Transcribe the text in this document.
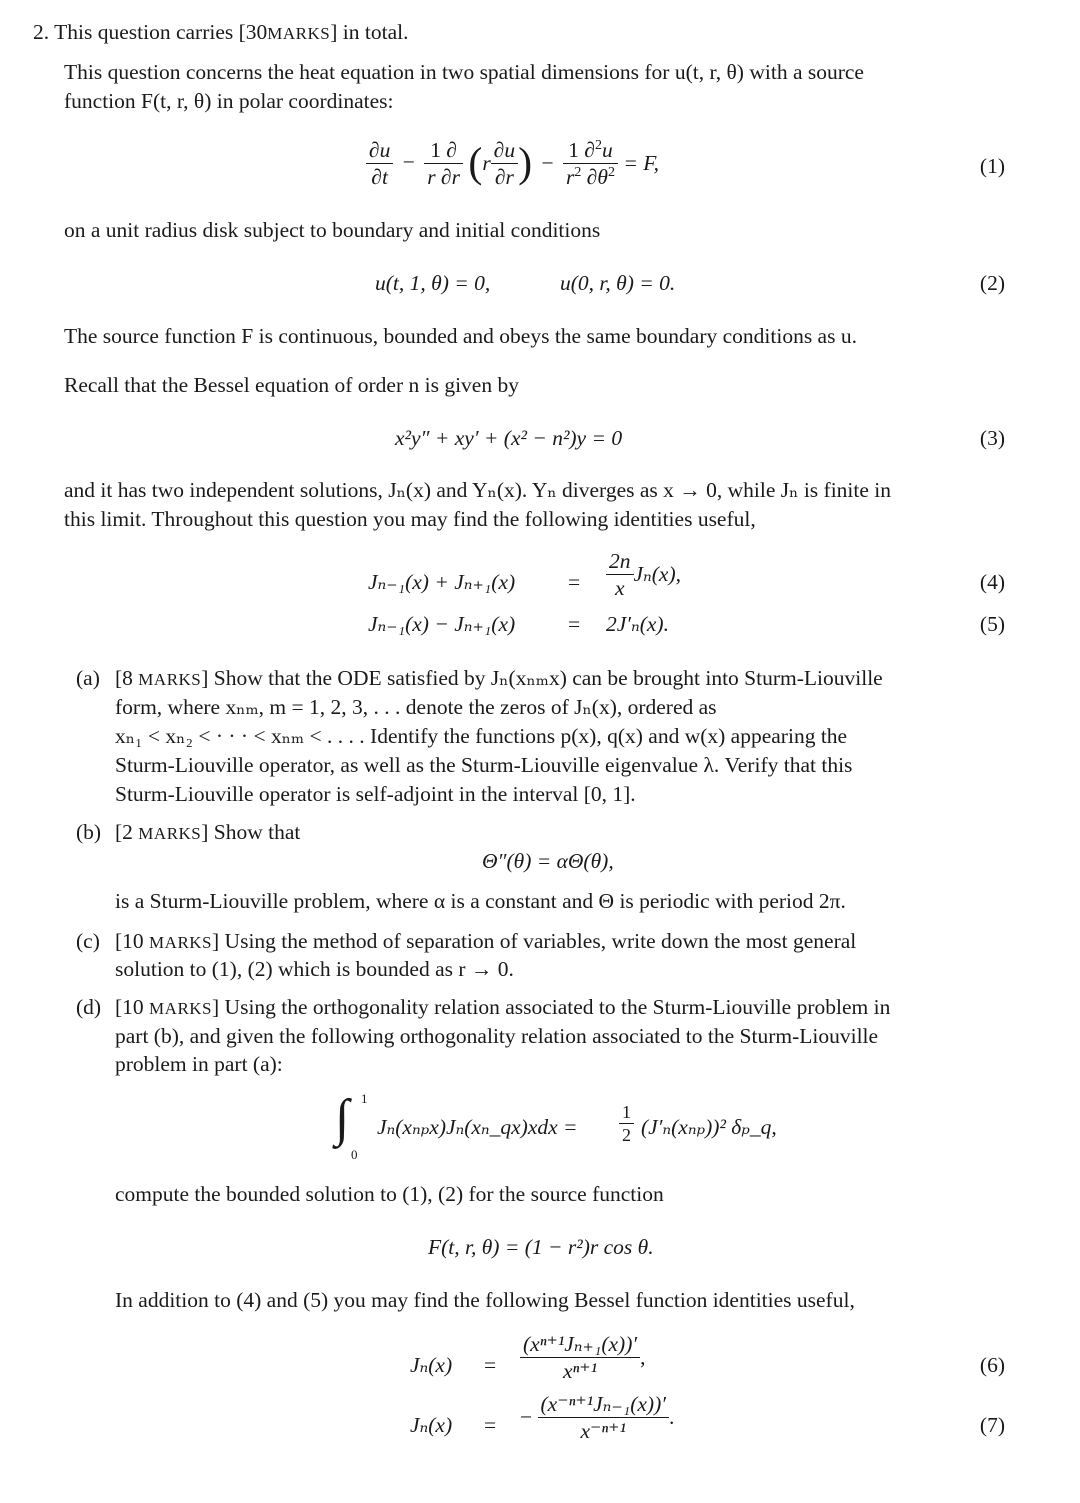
2. This question carries [30MARKS] in total.
This question concerns the heat equation in two spatial dimensions for u(t, r, θ) with a source
function F(t, r, θ) in polar coordinates:
$\frac{\partial u}{\partial t} - \frac{1 \partial}{r \partial r} (r \frac{\partial u}{\partial r}$ ) − $\frac{1 \partial^2u}{r^2 \partial\theta^2} = F$,	(1)
on a unit radius disk subject to boundary and initial conditions
u(t, 1, θ) = 0,	u(0, r, θ) = 0.	(2)
The source function F is continuous, bounded and obeys the same boundary conditions as u.
Recall that the Bessel equation of order n is given by
x²y″ + xy′ + (x² − n²)y = 0	(3)
and it has two independent solutions, Jₙ(x) and Yₙ(x). Yₙ diverges as x → 0, while Jₙ is finite in
this limit. Throughout this question you may find the following identities useful,
$J_{n-1}(x) + J_{n+1}(x) = \frac{2n}{x} J_n(x)$,	(4)
Jₙ₋₁(x) − Jₙ₊₁(x) = 2J′ₙ(x).	(5)
(a) [8 MARKS] Show that the ODE satisfied by Jₙ(xₙₘx) can be brought into Sturm-Liouville
form, where xₙₘ, m = 1, 2, 3, . . . denote the zeros of Jₙ(x), ordered as
xₙ₁ < xₙ₂ < · · · < xₙₘ < . . . . Identify the functions p(x), q(x) and w(x) appearing the
Sturm-Liouville operator, as well as the Sturm-Liouville eigenvalue λ. Verify that this
Sturm-Liouville operator is self-adjoint in the interval [0, 1].
(b) [2 MARKS] Show that
Θ″(θ) = αΘ(θ),
is a Sturm-Liouville problem, where α is a constant and Θ is periodic with period 2π.
(c) [10 MARKS] Using the method of separation of variables, write down the most general
solution to (1), (2) which is bounded as r → 0.
(d) [10 MARKS] Using the orthogonality relation associated to the Sturm-Liouville problem in
part (b), and given the following orthogonality relation associated to the Sturm-Liouville
problem in part (a):
∫ 1
0
Jₙ(xₙₚx)Jₙ(xₙ_qx)xdx = $\frac{1}{2} (J'_n(x_{np}))^2$ δₚ_q,
compute the bounded solution to (1), (2) for the source function
F(t, r, θ) = (1 − r²)r cos θ.
In addition to (4) and (5) you may find the following Bessel function identities useful,
$J_n(x) = \frac{\text{(xⁿ⁺¹Jₙ₊₁(x))′}}{\text{xⁿ⁺¹}}$ ,	(6)
Jₙ(x) = − $\frac{\text{(x⁻ⁿ⁺¹Jₙ₋₁(x))′}}{\text{x⁻ⁿ⁺¹}}$ .	(7)
